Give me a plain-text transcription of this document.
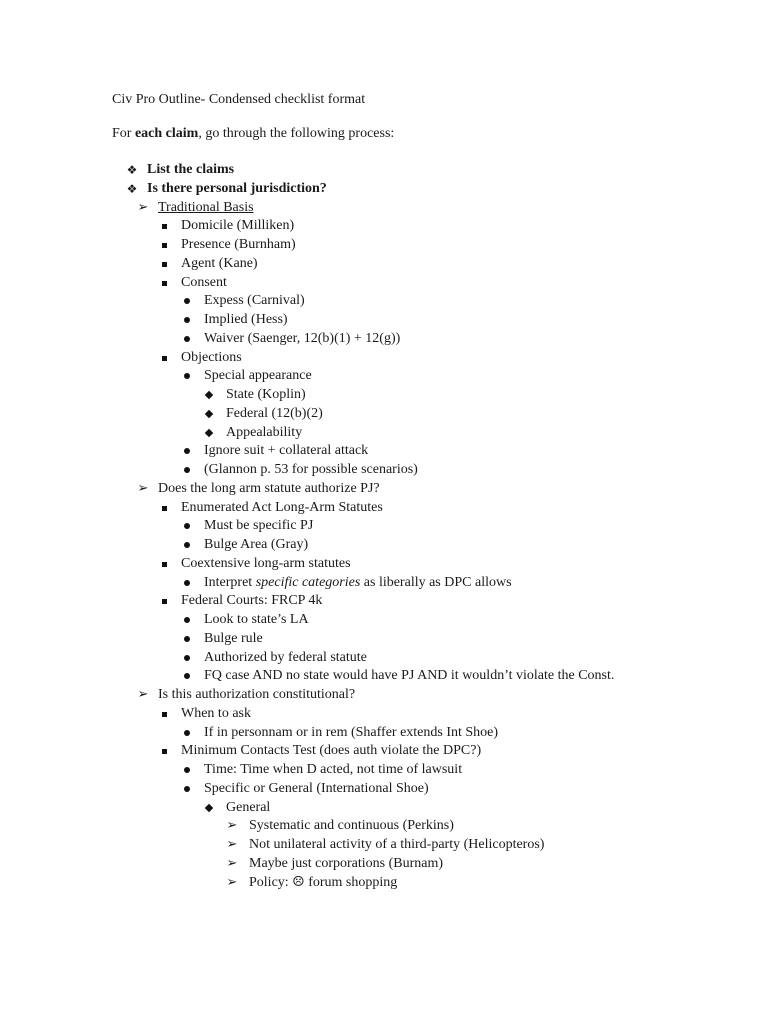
Civ Pro Outline- Condensed checklist format
For each claim, go through the following process:
❖ List the claims
❖ Is there personal jurisdiction?
➢ Traditional Basis
Domicile (Milliken)
Presence (Burnham)
Agent (Kane)
Consent
Expess (Carnival)
Implied (Hess)
Waiver (Saenger, 12(b)(1) + 12(g))
Objections
Special appearance
State (Koplin)
Federal (12(b)(2)
Appealability
Ignore suit + collateral attack
(Glannon p. 53 for possible scenarios)
➢ Does the long arm statute authorize PJ?
Enumerated Act Long-Arm Statutes
Must be specific PJ
Bulge Area (Gray)
Coextensive long-arm statutes
Interpret specific categories as liberally as DPC allows
Federal Courts: FRCP 4k
Look to state’s LA
Bulge rule
Authorized by federal statute
FQ case AND no state would have PJ AND it wouldn’t violate the Const.
➢ Is this authorization constitutional?
When to ask
If in personnam or in rem (Shaffer extends Int Shoe)
Minimum Contacts Test (does auth violate the DPC?)
Time: Time when D acted, not time of lawsuit
Specific or General (International Shoe)
General
➢ Systematic and continuous (Perkins)
➢ Not unilateral activity of a third-party (Helicopteros)
➢ Maybe just corporations (Burnam)
➢ Policy: ☹ forum shopping
